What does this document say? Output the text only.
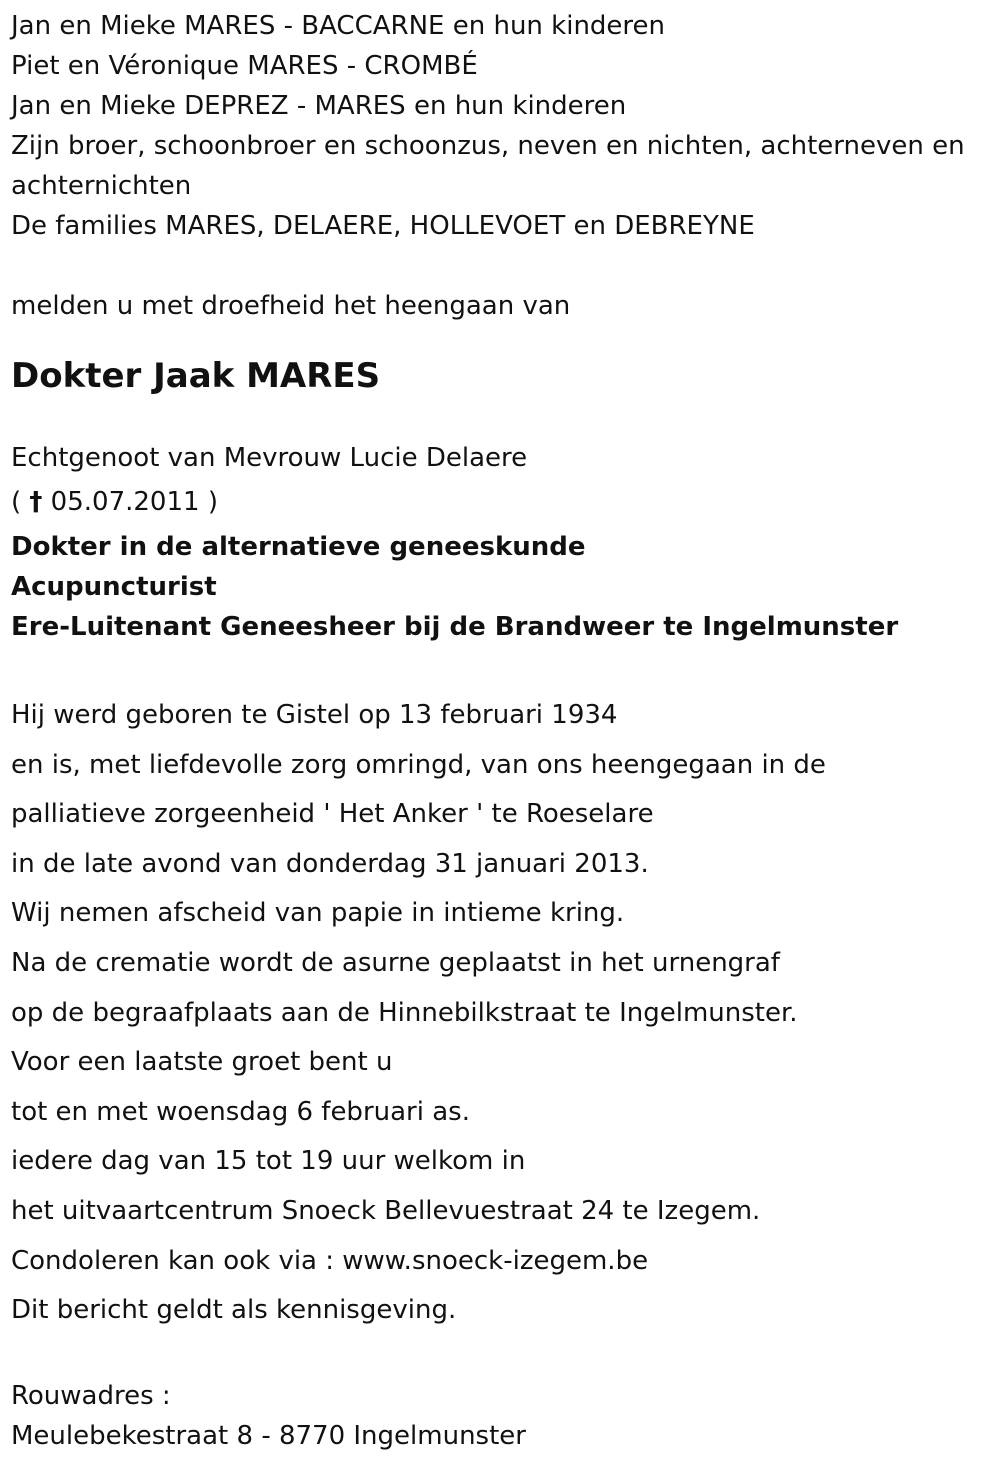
Jan en Mieke MARES - BACCARNE en hun kinderen

Piet en Véronique MARES - CROMBÉ

Jan en Mieke DEPREZ - MARES en hun kinderen

Zijn broer, schoonbroer en schoonzus, neven en nichten, achterneven en achternichten

De families MARES, DELAERE, HOLLEVOET en DEBREYNE

melden u met droefheid het heengaan van

Dokter Jaak MARES

Echtgenoot van Mevrouw Lucie Delaere

( † 05.07.2011 )

Dokter in de alternatieve geneeskunde

Acupuncturist

Ere-Luitenant Geneesheer bij de Brandweer te Ingelmunster

Hij werd geboren te Gistel op 13 februari 1934

en is, met liefdevolle zorg omringd, van ons heengegaan in de

palliatieve zorgeenheid ' Het Anker ' te Roeselare

in de late avond van donderdag 31 januari 2013.

Wij nemen afscheid van papie in intieme kring.

Na de crematie wordt de asurne geplaatst in het urnengraf

op de begraafplaats aan de Hinnebilkstraat te Ingelmunster.

Voor een laatste groet bent u

tot en met woensdag 6 februari as.

iedere dag van 15 tot 19 uur welkom in

het uitvaartcentrum Snoeck Bellevuestraat 24 te Izegem.

Condoleren kan ook via : www.snoeck-izegem.be

Dit bericht geldt als kennisgeving.

Rouwadres :

Meulebekestraat 8 - 8770 Ingelmunster
